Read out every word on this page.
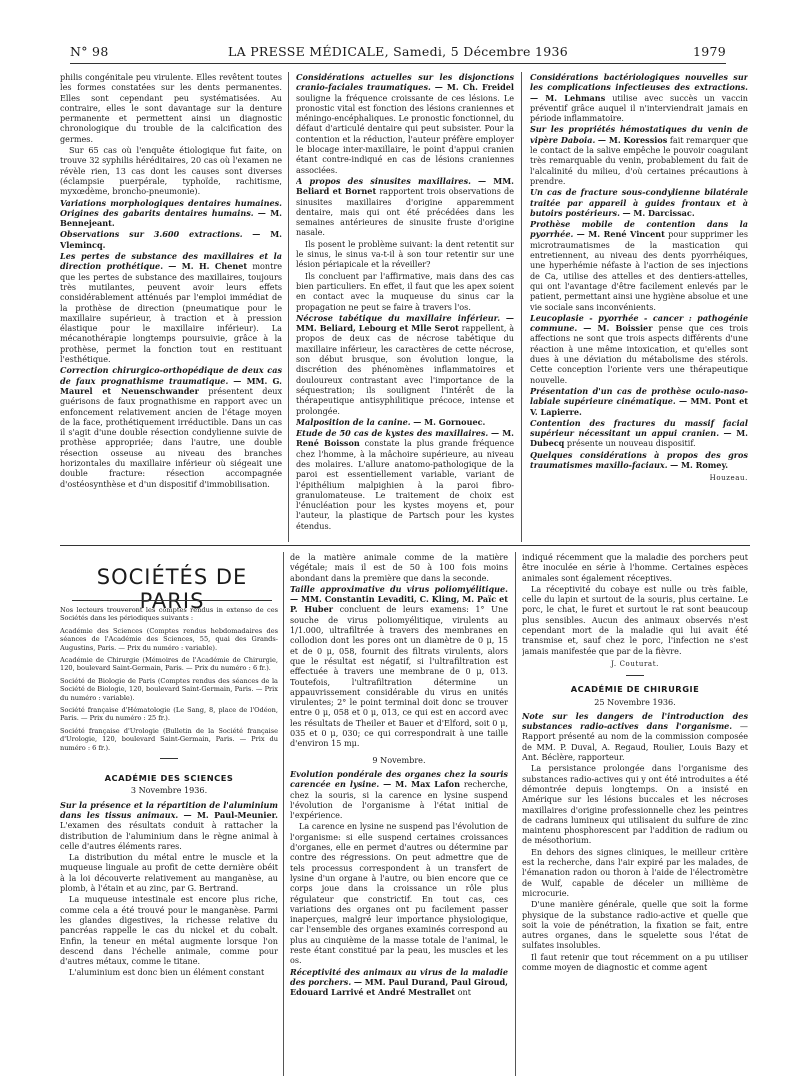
N° 98	LA PRESSE MÉDICALE, Samedi, 5 Décembre 1936	1979

philis congénitale peu virulente. Elles revêtent toutes les formes constatées sur les dents permanentes. Elles sont cependant peu systématisées. Au contraire, elles le sont davantage sur la denture permanente et permettent ainsi un diagnostic chronologique du trouble de la calcification des germes.

Sur 65 cas où l'enquête étiologique fut faite, on trouve 32 syphilis héréditaires, 20 cas où l'examen ne révèle rien, 13 cas dont les causes sont diverses (éclampsie puerpérale, typhoïde, rachitisme, myxœdème, broncho-pneumonie).

Variations morphologiques dentaires humaines. Origines des gabarits dentaires humains. — M. Bennejeant.

Observations sur 3.600 extractions. — M. Vlemincq.

Les pertes de substance des maxillaires et la direction prothétique. — M. H. Chenet montre que les pertes de substance des maxillaires, toujours très mutilantes, peuvent avoir leurs effets considérablement atténués par l'emploi immédiat de la prothèse de direction (pneumatique pour le maxillaire supérieur, à traction et à pression élastique pour le maxillaire inférieur). La mécanothérapie longtemps poursuivie, grâce à la prothèse, permet la fonction tout en restituant l'esthétique.

Correction chirurgico-orthopédique de deux cas de faux prognathisme traumatique. — MM. G. Maurel et Neuenschwander présentent deux guérisons de faux prognathisme en rapport avec un enfoncement relativement ancien de l'étage moyen de la face, prothétiquement irréductible. Dans un cas il s'agit d'une double résection condylienne suivie de prothèse appropriée; dans l'autre, une double résection osseuse au niveau des branches horizontales du maxillaire inférieur où siégeait une double fracture: résection accompagnée d'ostéosynthèse et d'un dispositif d'immobilisation.

Considérations actuelles sur les disjonctions cranio-faciales traumatiques. — M. Ch. Freidel souligne la fréquence croissante de ces lésions. Le pronostic vital est fonction des lésions craniennes et méningo-encéphaliques. Le pronostic fonctionnel, du défaut d'articulé dentaire qui peut subsister. Pour la contention et la réduction, l'auteur préfère employer le blocage inter-maxillaire, le point d'appui cranien étant contre-indiqué en cas de lésions craniennes associées.

A propos des sinusites maxillaires. — MM. Beliard et Bornet rapportent trois observations de sinusites maxillaires d'origine apparemment dentaire, mais qui ont été précédées dans les semaines antérieures de sinusite fruste d'origine nasale.

Ils posent le problème suivant: la dent retentit sur le sinus, le sinus va-t-il à son tour retentir sur une lésion périapicale et la réveiller?

Ils concluent par l'affirmative, mais dans des cas bien particuliers. En effet, il faut que les apex soient en contact avec la muqueuse du sinus car la propagation ne peut se faire à travers l'os.

Nécrose tabétique du maxillaire inférieur. — MM. Beliard, Lebourg et Mlle Serot rappellent, à propos de deux cas de nécrose tabétique du maxillaire inférieur, les caractères de cette nécrose, son début brusque, son évolution longue, la discrétion des phénomènes inflammatoires et douloureux contrastant avec l'importance de la séquestration; ils soulignent l'intérêt de la thérapeutique antisyphilitique précoce, intense et prolongée.

Malposition de la canine. — M. Gornouec.

Etude de 50 cas de kystes des maxillaires. — M. René Boisson constate la plus grande fréquence chez l'homme, à la mâchoire supérieure, au niveau des molaires. L'allure anatomo-pathologique de la paroi est essentiellement variable, variant de l'épithélium malpighien à la paroi fibro-granulomateuse. Le traitement de choix est l'énucléation pour les kystes moyens et, pour l'auteur, la plastique de Partsch pour les kystes étendus.

Considérations bactériologiques nouvelles sur les complications infectieuses des extractions. — M. Lehmans utilise avec succès un vaccin préventif grâce auquel il n'interviendrait jamais en période inflammatoire.

Sur les propriétés hémostatiques du venin de vipère Daboia. — M. Koressios fait remarquer que le contact de la salive empêche le pouvoir coagulant très remarquable du venin, probablement du fait de l'alcalinité du milieu, d'où certaines précautions à prendre.

Un cas de fracture sous-condylienne bilatérale traitée par appareil à guides frontaux et à butoirs postérieurs. — M. Darcissac.

Prothèse mobile de contention dans la pyorrhée. — M. René Vincent pour supprimer les microtraumatismes de la mastication qui entretiennent, au niveau des dents pyorrhéiques, une hyperhémie néfaste à l'action de ses injections de Ca, utilise des attelles et des dentiers-attelles, qui ont l'avantage d'être facilement enlevés par le patient, permettant ainsi une hygiène absolue et une vie sociale sans inconvénients.

Leucoplasie - pyorrhée - cancer : pathogénie commune. — M. Boissier pense que ces trois affections ne sont que trois aspects différents d'une réaction à une même intoxication, et qu'elles sont dues à une déviation du métabolisme des stérols. Cette conception l'oriente vers une thérapeutique nouvelle.

Présentation d'un cas de prothèse oculo-naso-labiale supérieure cinématique. — MM. Pont et V. Lapierre.

Contention des fractures du massif facial supérieur nécessitant un appui cranien. — M. Dubecq présente un nouveau dispositif.

Quelques considérations à propos des gros traumatismes maxillo-faciaux. — M. Romey.

Houzeau.
SOCIÉTÉS DE PARIS

Nos lecteurs trouveront les comptes rendus in extenso de ces Sociétés dans les périodiques suivants :

Académie des Sciences (Comptes rendus hebdomadaires des séances de l'Académie des Sciences, 55, quai des Grands-Augustins, Paris. — Prix du numéro : variable).

Académie de Chirurgie (Mémoires de l'Académie de Chirurgie, 120, boulevard Saint-Germain, Paris. — Prix du numéro : 6 fr.).

Société de Biologie de Paris (Comptes rendus des séances de la Société de Biologie, 120, boulevard Saint-Germain, Paris. — Prix du numéro : variable).

Société française d'Hématologie (Le Sang, 8, place de l'Odéon, Paris. — Prix du numéro : 25 fr.).

Société française d'Urologie (Bulletin de la Société française d'Urologie, 120, boulevard Saint-Germain, Paris. — Prix du numéro : 6 fr.).

ACADÉMIE DES SCIENCES
3 Novembre 1936.

Sur la présence et la répartition de l'aluminium dans les tissus animaux. — M. Paul-Meunier. L'examen des résultats conduit à rattacher la distribution de l'aluminium dans le règne animal à celle d'autres éléments rares.

La distribution du métal entre le muscle et la muqueuse linguale au profit de cette dernière obéit à la loi découverte relativement au manganèse, au plomb, à l'étain et au zinc, par G. Bertrand.

La muqueuse intestinale est encore plus riche, comme cela a été trouvé pour le manganèse. Parmi les glandes digestives, la richesse relative du pancréas rappelle le cas du nickel et du cobalt. Enfin, la teneur en métal augmente lorsque l'on descend dans l'échelle animale, comme pour d'autres métaux, comme le titane.

L'aluminium est donc bien un élément constant

de la matière animale comme de la matière végétale; mais il est de 50 à 100 fois moins abondant dans la première que dans la seconde.

Taille approximative du virus poliomyélitique. — MM. Constantin Levaditi, C. Kling, M. Païc et P. Huber concluent de leurs examens: 1° Une souche de virus poliomyélitique, virulents au 1/1.000, ultrafiltrée à travers des membranes en collodion dont les pores ont un diamètre de 0 μ, 15 et de 0 μ, 058, fournit des filtrats virulents, alors que le résultat est négatif, si l'ultrafiltration est effectuée à travers une membrane de 0 μ, 013. Toutefois, l'ultrafiltration détermine un appauvrissement considérable du virus en unités virulentes; 2° le point terminal doit donc se trouver entre 0 μ, 058 et 0 μ, 013, ce qui est en accord avec les résultats de Theiler et Bauer et d'Elford, soit 0 μ, 035 et 0 μ, 030; ce qui correspondrait à une taille d'environ 15 mμ.

9 Novembre.

Evolution pondérale des organes chez la souris carencée en lysine. — M. Max Lafon recherche, chez la souris, si la carence en lysine suspend l'évolution de l'organisme à l'état initial de l'expérience.

La carence en lysine ne suspend pas l'évolution de l'organisme: si elle suspend certaines croissances d'organes, elle en permet d'autres ou détermine par contre des régressions. On peut admettre que de tels processus correspondent à un transfert de lysine d'un organe à l'autre, ou bien encore que ce corps joue dans la croissance un rôle plus régulateur que constrictif. En tout cas, ces variations des organes ont pu facilement passer inaperçues, malgré leur importance physiologique, car l'ensemble des organes examinés correspond au plus au cinquième de la masse totale de l'animal, le reste étant constitué par la peau, les muscles et les os.

Réceptivité des animaux au virus de la maladie des porchers. — MM. Paul Durand, Paul Giroud, Edouard Larrivé et André Mestrallet ont

indiqué récemment que la maladie des porchers peut être inoculée en série à l'homme. Certaines espèces animales sont également réceptives.

La réceptivité du cobaye est nulle ou très faible, celle du lapin et surtout de la souris, plus certaine. Le porc, le chat, le furet et surtout le rat sont beaucoup plus sensibles. Aucun des animaux observés n'est cependant mort de la maladie qui lui avait été transmise et, sauf chez le porc, l'infection ne s'est jamais manifestée que par de la fièvre.

J. Couturat.
ACADÉMIE DE CHIRURGIE
25 Novembre 1936.

Note sur les dangers de l'introduction des substances radio-actives dans l'organisme. — Rapport présenté au nom de la commission composée de MM. P. Duval, A. Regaud, Roulier, Louis Bazy et Ant. Béclère, rapporteur.

La persistance prolongée dans l'organisme des substances radio-actives qui y ont été introduites a été démontrée depuis longtemps. On a insisté en Amérique sur les lésions buccales et les nécroses maxillaires d'origine professionnelle chez les peintres de cadrans lumineux qui utilisaient du sulfure de zinc maintenu phosphorescent par l'addition de radium ou de mésothorium.

En dehors des signes cliniques, le meilleur critère est la recherche, dans l'air expiré par les malades, de l'émanation radon ou thoron à l'aide de l'électromètre de Wulf, capable de déceler un millième de microcurie.

D'une manière générale, quelle que soit la forme physique de la substance radio-active et quelle que soit la voie de pénétration, la fixation se fait, entre autres organes, dans le squelette sous l'état de sulfates insolubles.

Il faut retenir que tout récemment on a pu utiliser comme moyen de diagnostic et comme agent
